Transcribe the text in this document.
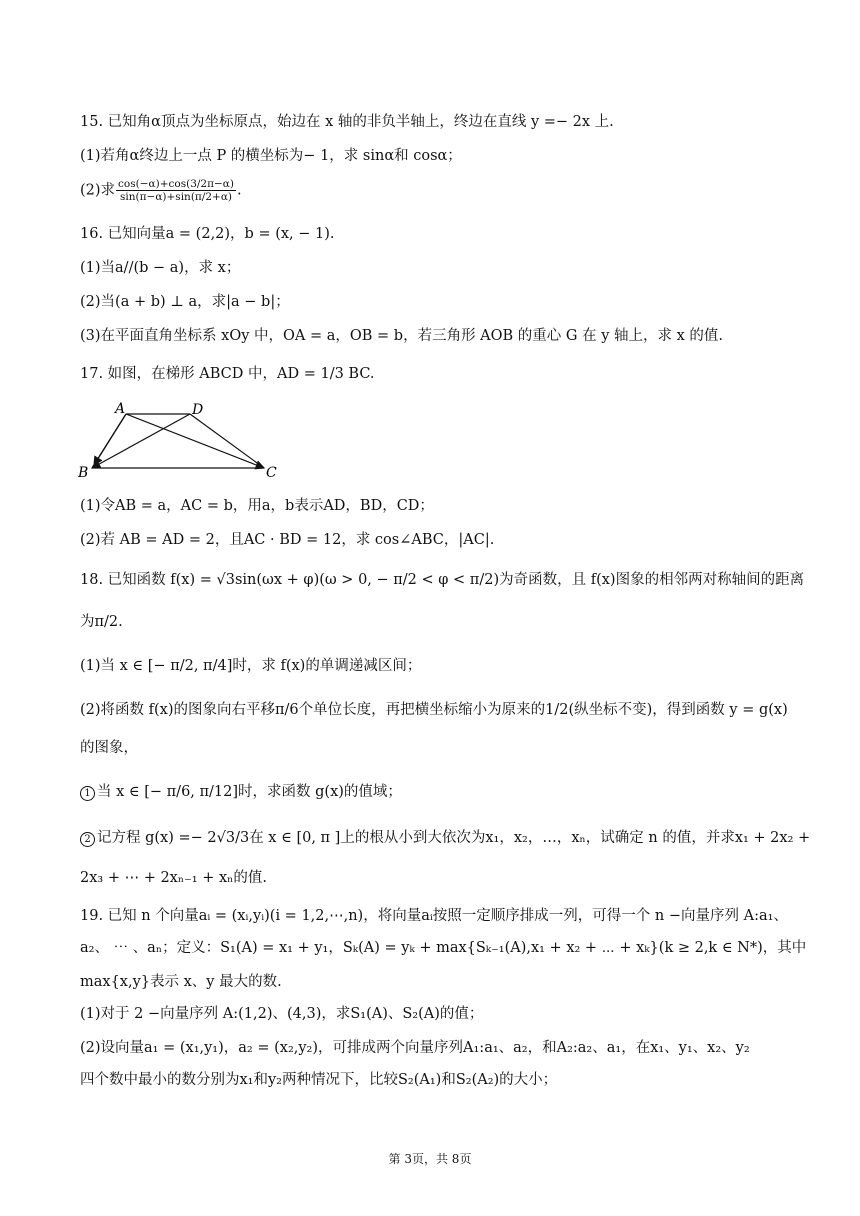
15. 已知角α顶点为坐标原点，始边在 x 轴的非负半轴上，终边在直线 y =− 2x 上.
(1)若角α终边上一点 P 的横坐标为− 1，求 sinα和 cosα；
(2)求 $\frac{\cos(-\alpha)+\cos(3/2\pi-\alpha)}{\sin(\pi-\alpha)+\sin(\pi/2+\alpha)}$ .
16. 已知向量a = (2,2)，b = (x, − 1).
(1)当a//(b − a)，求 x；
(2)当(a + b) ⊥ a，求|a − b|；
(3)在平面直角坐标系 xOy 中，OA = a，OB = b，若三角形 AOB 的重心 G 在 y 轴上，求 x 的值.
17. 如图，在梯形 ABCD 中，AD = 1/3 BC.
A	D
B	C
(1)令AB = a，AC = b，用a，b表示AD，BD，CD；
(2)若 AB = AD = 2，且AC · BD = 12，求 cos∠ABC，|AC|.
18. 已知函数 f(x) = √3sin(ωx + φ)(ω > 0, − π/2 < φ < π/2)为奇函数，且 f(x)图象的相邻两对称轴间的距离
为π/2.
(1)当 x ∈ [− π/2, π/4]时，求 f(x)的单调递减区间；
(2)将函数 f(x)的图象向右平移π/6个单位长度，再把横坐标缩小为原来的1/2(纵坐标不变)，得到函数 y = g(x)
的图象，
1 当 x ∈ [− π/6, π/12]时，求函数 g(x)的值域；
2 记方程 g(x) =− 2√3/3在 x ∈ [0, π ]上的根从小到大依次为x₁，x₂，…，xₙ，试确定 n 的值，并求x₁ + 2x₂ +
2x₃ + ⋯ + 2xₙ₋₁ + xₙ的值.
19. 已知 n 个向量aᵢ = (xᵢ,yᵢ)(i = 1,2,⋯,n)，将向量aᵢ按照一定顺序排成一列，可得一个 n −向量序列 A:a₁、
a₂、 ⋯ 、aₙ；定义：S₁(A) = x₁ + y₁，Sₖ(A) = yₖ + max{Sₖ₋₁(A),x₁ + x₂ + ⋯ + xₖ}(k ≥ 2,k ∈ N*)，其中
max{x,y}表示 x、y 最大的数.
(1)对于 2 −向量序列 A:(1,2)、(4,3)，求S₁(A)、S₂(A)的值；
(2)设向量a₁ = (x₁,y₁)，a₂ = (x₂,y₂)，可排成两个向量序列A₁:a₁、a₂，和A₂:a₂、a₁，在x₁、y₁、x₂、y₂
四个数中最小的数分别为x₁和y₂两种情况下，比较S₂(A₁)和S₂(A₂)的大小；
第 3页，共 8页
